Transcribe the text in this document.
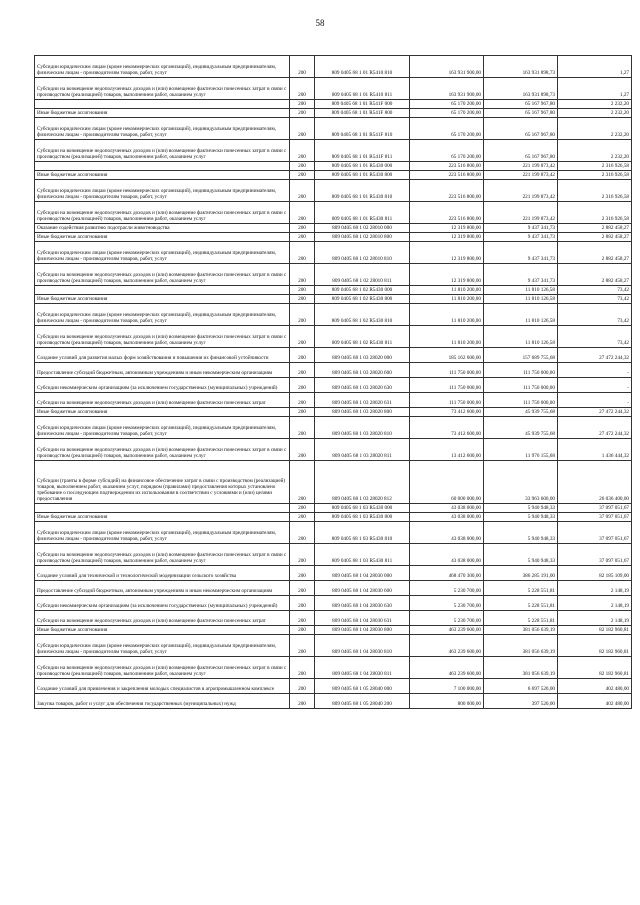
58
Субсидии юридическим лицам (кроме некоммерческих организаций), индивидуальным предпринимателям, физическим лицам - производителям товаров, работ, услуг	200	809 0405 68 1 01 R5410 810	163 931 900,00	163 931 898,73	1,27
Субсидии на возмещение недополученных доходов и (или) возмещение фактически понесенных затрат в связи с производством (реализацией) товаров, выполнением работ, оказанием услуг	200	809 0405 68 1 01 R5410 811	163 931 900,00	163 931 898,73	1,27
	200	809 0405 68 1 01 R541F 000	65 170 200,00	65 167 967,80	2 232,20
Иные бюджетные ассигнования	200	809 0405 68 1 01 R541F 800	65 170 200,00	65 167 967,80	2 232,20
Субсидии юридическим лицам (кроме некоммерческих организаций), индивидуальным предпринимателям, физическим лицам - производителям товаров, работ, услуг	200	809 0405 68 1 01 R541F 810	65 170 200,00	65 167 967,80	2 232,20
Субсидии на возмещение недополученных доходов и (или) возмещение фактически понесенных затрат в связи с производством (реализацией) товаров, выполнением работ, оказанием услуг	200	809 0405 68 1 01 R541F 811	65 170 200,00	65 167 967,80	2 232,20
	200	809 0405 68 1 01 R5430 000	223 516 800,00	221 199 873,42	2 316 926,58
Иные бюджетные ассигнования	200	809 0405 68 1 01 R5430 800	223 516 800,00	221 199 873,42	2 316 926,58
Субсидии юридическим лицам (кроме некоммерческих организаций), индивидуальным предпринимателям, физическим лицам - производителям товаров, работ, услуг	200	809 0405 68 1 01 R5430 810	223 516 800,00	221 199 873,42	2 316 926,58
Субсидии на возмещение недополученных доходов и (или) возмещение фактически понесенных затрат в связи с производством (реализацией) товаров, выполнением работ, оказанием услуг	200	809 0405 68 1 01 R5430 811	223 516 800,00	221 199 873,42	2 316 926,58
Оказание содействия развитию подотрасли животноводства	200	809 0405 68 1 02 28010 000	12 319 800,00	9 437 341,73	2 882 458,27
Иные бюджетные ассигнования	200	809 0405 68 1 02 28010 800	12 319 800,00	9 437 341,73	2 882 458,27
Субсидии юридическим лицам (кроме некоммерческих организаций), индивидуальным предпринимателям, физическим лицам - производителям товаров, работ, услуг	200	809 0405 68 1 02 28010 810	12 319 800,00	9 437 341,73	2 882 458,27
Субсидии на возмещение недополученных доходов и (или) возмещение фактически понесенных затрат в связи с производством (реализацией) товаров, выполнением работ, оказанием услуг	200	809 0405 68 1 02 28010 811	12 319 800,00	9 437 341,73	2 882 458,27
	200	809 0405 68 1 02 R5430 000	11 810 200,00	11 810 126,58	73,42
Иные бюджетные ассигнования	200	809 0405 68 1 02 R5430 800	11 810 200,00	11 810 126,58	73,42
Субсидии юридическим лицам (кроме некоммерческих организаций), индивидуальным предпринимателям, физическим лицам - производителям товаров, работ, услуг	200	809 0405 68 1 02 R5430 810	11 810 200,00	11 810 126,58	73,42
Субсидии на возмещение недополученных доходов и (или) возмещение фактически понесенных затрат в связи с производством (реализацией) товаров, выполнением работ, оказанием услуг	200	809 0405 68 1 02 R5430 811	11 810 200,00	11 810 126,58	73,42
Создание условий для развития малых форм хозяйствования и повышения их финансовой устойчивости	200	809 0405 68 1 03 28020 000	185 162 600,00	157 689 755,68	27 472 244,32
Предоставление субсидий бюджетным, автономным учреждениям и иным некоммерческим организациям	200	809 0405 68 1 03 28020 600	111 750 000,00	111 750 000,00	-
Субсидии некоммерческим организациям (за исключением государственных (муниципальных) учреждений)	200	809 0405 68 1 03 28020 630	111 750 000,00	111 750 000,00	-
Субсидии на возмещение недополученных доходов и (или) возмещение фактически понесенных затрат	200	809 0405 68 1 03 28020 631	111 750 000,00	111 750 000,00	-
Иные бюджетные ассигнования	200	809 0405 68 1 03 28020 800	73 412 600,00	45 939 755,68	27 472 244,32
Субсидии юридическим лицам (кроме некоммерческих организаций), индивидуальным предпринимателям, физическим лицам - производителям товаров, работ, услуг	200	809 0405 68 1 03 28020 810	73 412 600,00	45 939 755,68	27 472 244,32
Субсидии на возмещение недополученных доходов и (или) возмещение фактически понесенных затрат в связи с производством (реализацией) товаров, выполнением работ, оказанием услуг	200	809 0405 68 1 03 28020 811	13 412 600,00	11 976 155,68	1 436 444,32
Субсидии (гранты в форме субсидий) на финансовое обеспечение затрат в связи с производством (реализацией) товаров, выполнением работ, оказанием услуг, порядком (правилами) предоставления которых установлено требование о последующем подтверждении их использования в соответствии с условиями и (или) целями предоставления	200	809 0405 68 1 03 28020 812	60 000 000,00	33 963 600,00	26 036 400,00
	200	809 0405 68 1 03 R5430 000	43 038 000,00	5 940 948,33	37 097 051,67
Иные бюджетные ассигнования	200	809 0405 68 1 03 R5430 800	43 038 000,00	5 940 948,33	37 097 051,67
Субсидии юридическим лицам (кроме некоммерческих организаций), индивидуальным предпринимателям, физическим лицам - производителям товаров, работ, услуг	200	809 0405 68 1 03 R5430 810	43 038 000,00	5 940 948,33	37 097 051,67
Субсидии на возмещение недополученных доходов и (или) возмещение фактически понесенных затрат в связи с производством (реализацией) товаров, выполнением работ, оказанием услуг	200	809 0405 68 1 03 R5430 811	43 038 000,00	5 940 948,33	37 097 051,67
Создание условий для технической и технологической модернизации сельского хозяйства	200	809 0405 68 1 04 28030 000	468 470 300,00	386 285 191,00	82 185 109,00
Предоставление субсидий бюджетным, автономным учреждениям и иным некоммерческим организациям	200	809 0405 68 1 04 28030 600	5 230 700,00	5 228 551,81	2 148,19
Субсидии некоммерческим организациям (за исключением государственных (муниципальных) учреждений)	200	809 0405 68 1 04 28030 630	5 230 700,00	5 228 551,81	2 148,19
Субсидии на возмещение недополученных доходов и (или) возмещение фактически понесенных затрат	200	809 0405 68 1 04 28030 631	5 230 700,00	5 228 551,81	2 148,19
Иные бюджетные ассигнования	200	809 0405 68 1 04 28030 800	463 239 600,00	381 056 639,19	82 182 960,81
Субсидии юридическим лицам (кроме некоммерческих организаций), индивидуальным предпринимателям, физическим лицам - производителям товаров, работ, услуг	200	809 0405 68 1 04 28030 810	463 239 600,00	381 056 639,19	82 182 960,81
Субсидии на возмещение недополученных доходов и (или) возмещение фактически понесенных затрат в связи с производством (реализацией) товаров, выполнением работ, оказанием услуг	200	809 0405 68 1 04 28030 811	463 239 600,00	381 056 639,19	82 182 960,81
Создание условий для привлечения и закрепления молодых специалистов в агропромышленном комплексе	200	809 0405 68 1 05 28040 000	7 100 000,00	6 697 520,00	402 480,00
Закупка товаров, работ и услуг для обеспечения государственных (муниципальных) нужд	200	809 0405 68 1 05 28040 200	800 000,00	397 520,00	402 480,00
